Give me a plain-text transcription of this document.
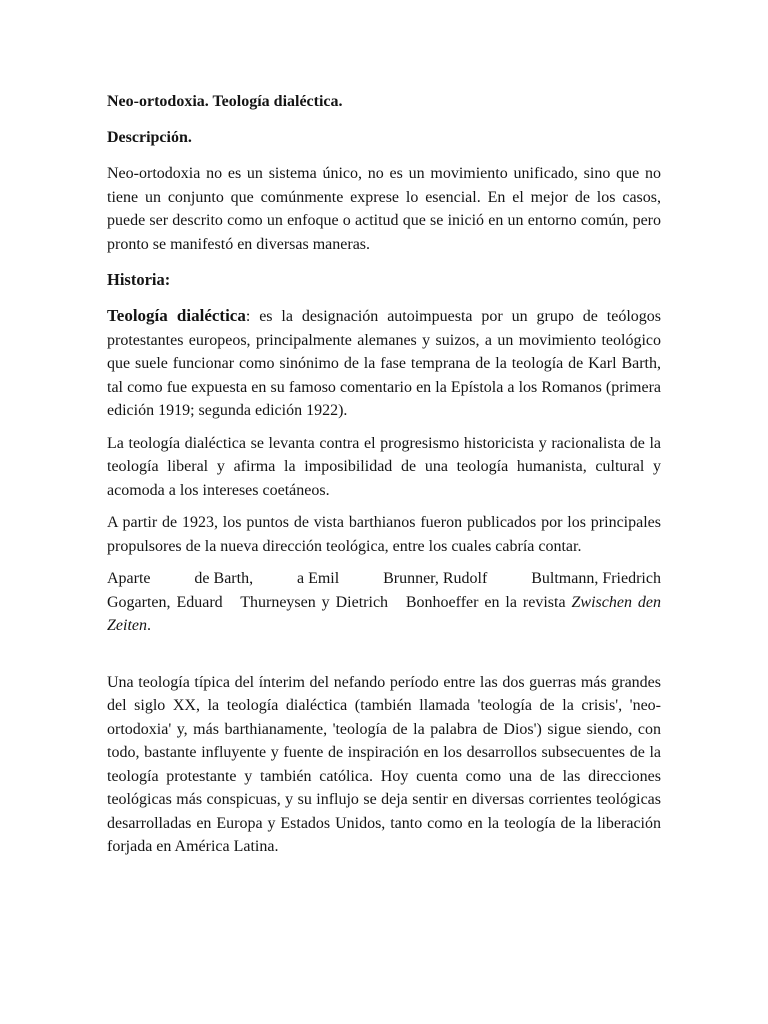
Neo-ortodoxia. Teología dialéctica.
Descripción.

Neo-ortodoxia no es un sistema único, no es un movimiento unificado, sino que no tiene un conjunto que comúnmente exprese lo esencial. En el mejor de los casos, puede ser descrito como un enfoque o actitud que se inició en un entorno común, pero pronto se manifestó en diversas maneras.

Historia:

Teología dialéctica: es la designación autoimpuesta por un grupo de teólogos protestantes europeos, principalmente alemanes y suizos, a un movimiento teológico que suele funcionar como sinónimo de la fase temprana de la teología de Karl Barth, tal como fue expuesta en su famoso comentario en la Epístola a los Romanos (primera edición 1919; segunda edición 1922).

La teología dialéctica se levanta contra el progresismo historicista y racionalista de la teología liberal y afirma la imposibilidad de una teología humanista, cultural y acomoda a los intereses coetáneos.

A partir de 1923, los puntos de vista barthianos fueron publicados por los principales propulsores de la nueva dirección teológica, entre los cuales cabría contar.

Aparte	de Barth,	a Emil	Brunner, Rudolf	Bultmann, Friedrich
Gogarten, Eduard   Thurneysen y Dietrich   Bonhoeffer en la revista Zwischen den Zeiten.

Una teología típica del ínterim del nefando período entre las dos guerras más grandes del siglo XX, la teología dialéctica (también llamada 'teología de la crisis', 'neo-ortodoxia' y, más barthianamente, 'teología de la palabra de Dios') sigue siendo, con todo, bastante influyente y fuente de inspiración en los desarrollos subsecuentes de la teología protestante y también católica. Hoy cuenta como una de las direcciones teológicas más conspicuas, y su influjo se deja sentir en diversas corrientes teológicas desarrolladas en Europa y Estados Unidos, tanto como en la teología de la liberación forjada en América Latina.
